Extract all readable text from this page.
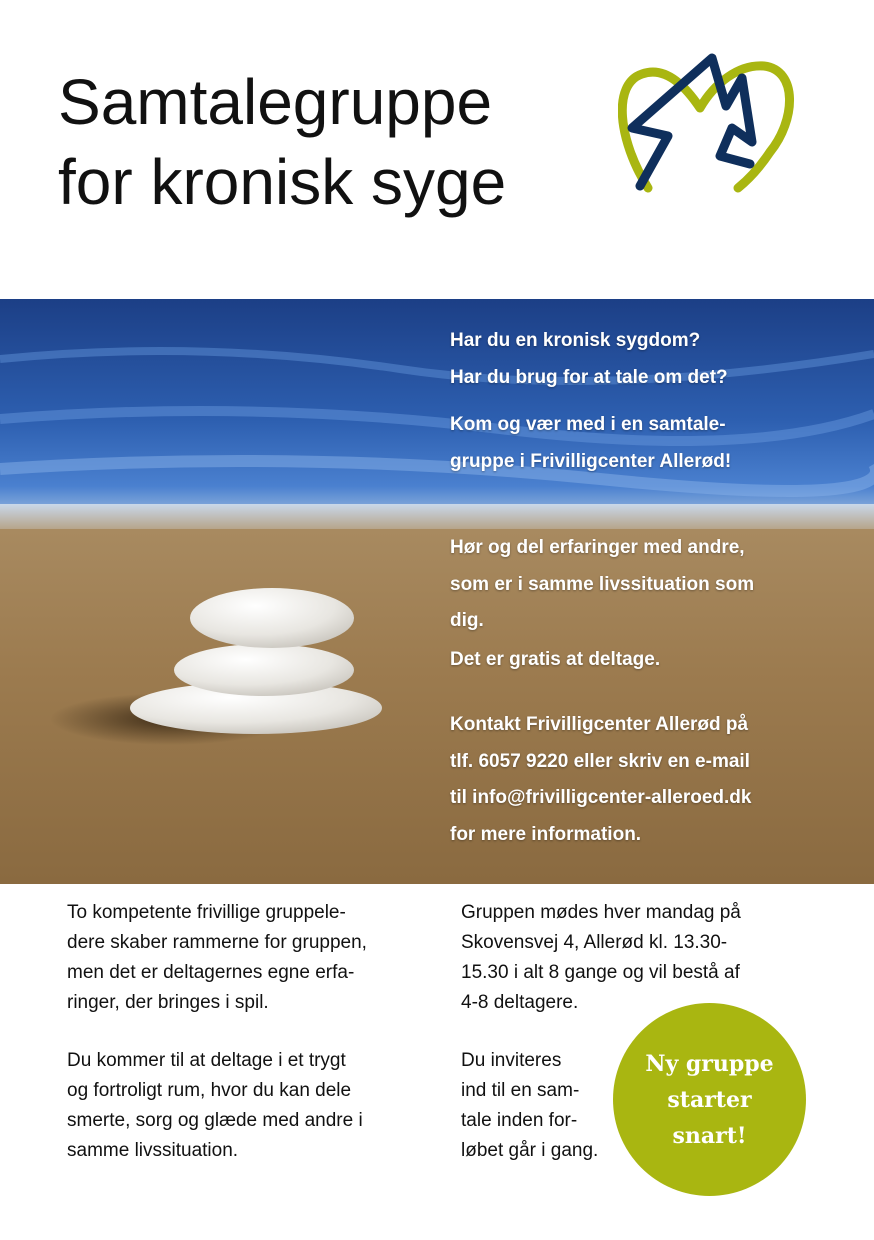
Samtalegruppe
for kronisk syge

Har du en kronisk sygdom?
Har du brug for at tale om det?

Kom og vær med i en samtale-
gruppe i Frivilligcenter Allerød!

Hør og del erfaringer med andre,
som er i samme livssituation som
dig.

Det er gratis at deltage.

Kontakt Frivilligcenter Allerød på
tlf. 6057 9220 eller skriv en e-mail
til info@frivilligcenter-alleroed.dk
for mere information.

To kompetente frivillige gruppele-
dere skaber rammerne for gruppen,
men det er deltagernes egne erfa-
ringer, der bringes i spil.

Du kommer til at deltage i et trygt
og fortroligt rum, hvor du kan dele
smerte, sorg og glæde med andre i
samme livssituation.

Gruppen mødes hver mandag på
Skovensvej 4, Allerød kl. 13.30-
15.30 i alt 8 gange og vil bestå af
4-8 deltagere.

Du inviteres
ind til en sam-
tale inden for-
løbet går i gang.

Ny gruppe
starter
snart!
